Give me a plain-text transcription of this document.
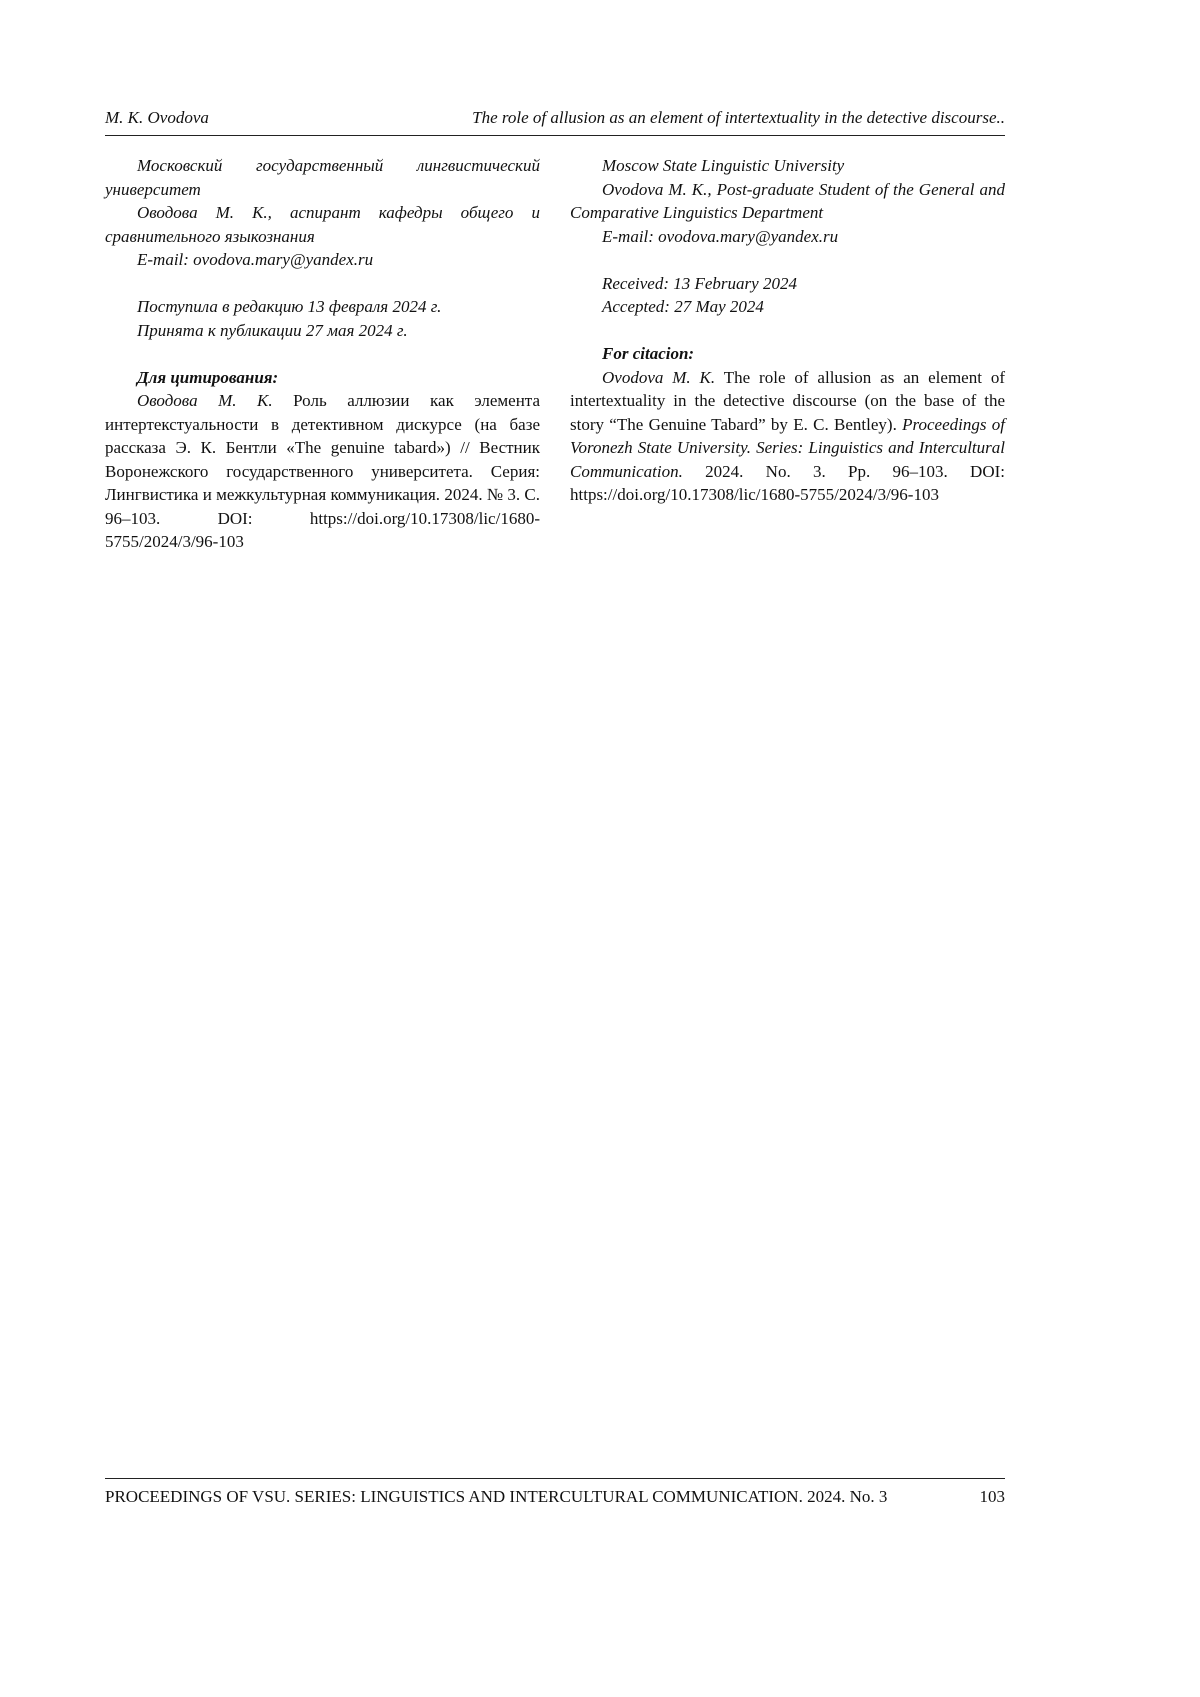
M. K. Ovodova	The role of allusion as an element of intertextuality in the detective discourse..

Московский государственный лингвистический университет

Оводова М. К., аспирант кафедры общего и сравнительного языкознания

E-mail: ovodova.mary@yandex.ru

Поступила в редакцию 13 февраля 2024 г.

Принята к публикации 27 мая 2024 г.

Для цитирования:

Оводова М. К. Роль аллюзии как элемента интертекстуальности в детективном дискурсе (на базе рассказа Э. К. Бентли «The genuine tabard») // Вестник Воронежского государственного университета. Серия: Лингвистика и межкультурная коммуникация. 2024. № 3. С. 96–103. DOI: https://doi.org/10.17308/lic/1680-5755/2024/3/96-103

Moscow State Linguistic University

Ovodova M. K., Post-graduate Student of the General and Comparative Linguistics Department

E-mail: ovodova.mary@yandex.ru

Received: 13 February 2024

Accepted: 27 May 2024

For citacion:

Ovodova M. K. The role of allusion as an element of intertextuality in the detective discourse (on the base of the story “The Genuine Tabard” by E. C. Bentley). Proceedings of Voronezh State University. Series: Linguistics and Intercultural Communication. 2024. No. 3. Pp. 96–103. DOI: https://doi.org/10.17308/lic/1680-5755/2024/3/96-103

PROCEEDINGS OF VSU. SERIES: LINGUISTICS AND INTERCULTURAL COMMUNICATION. 2024. No. 3	103
